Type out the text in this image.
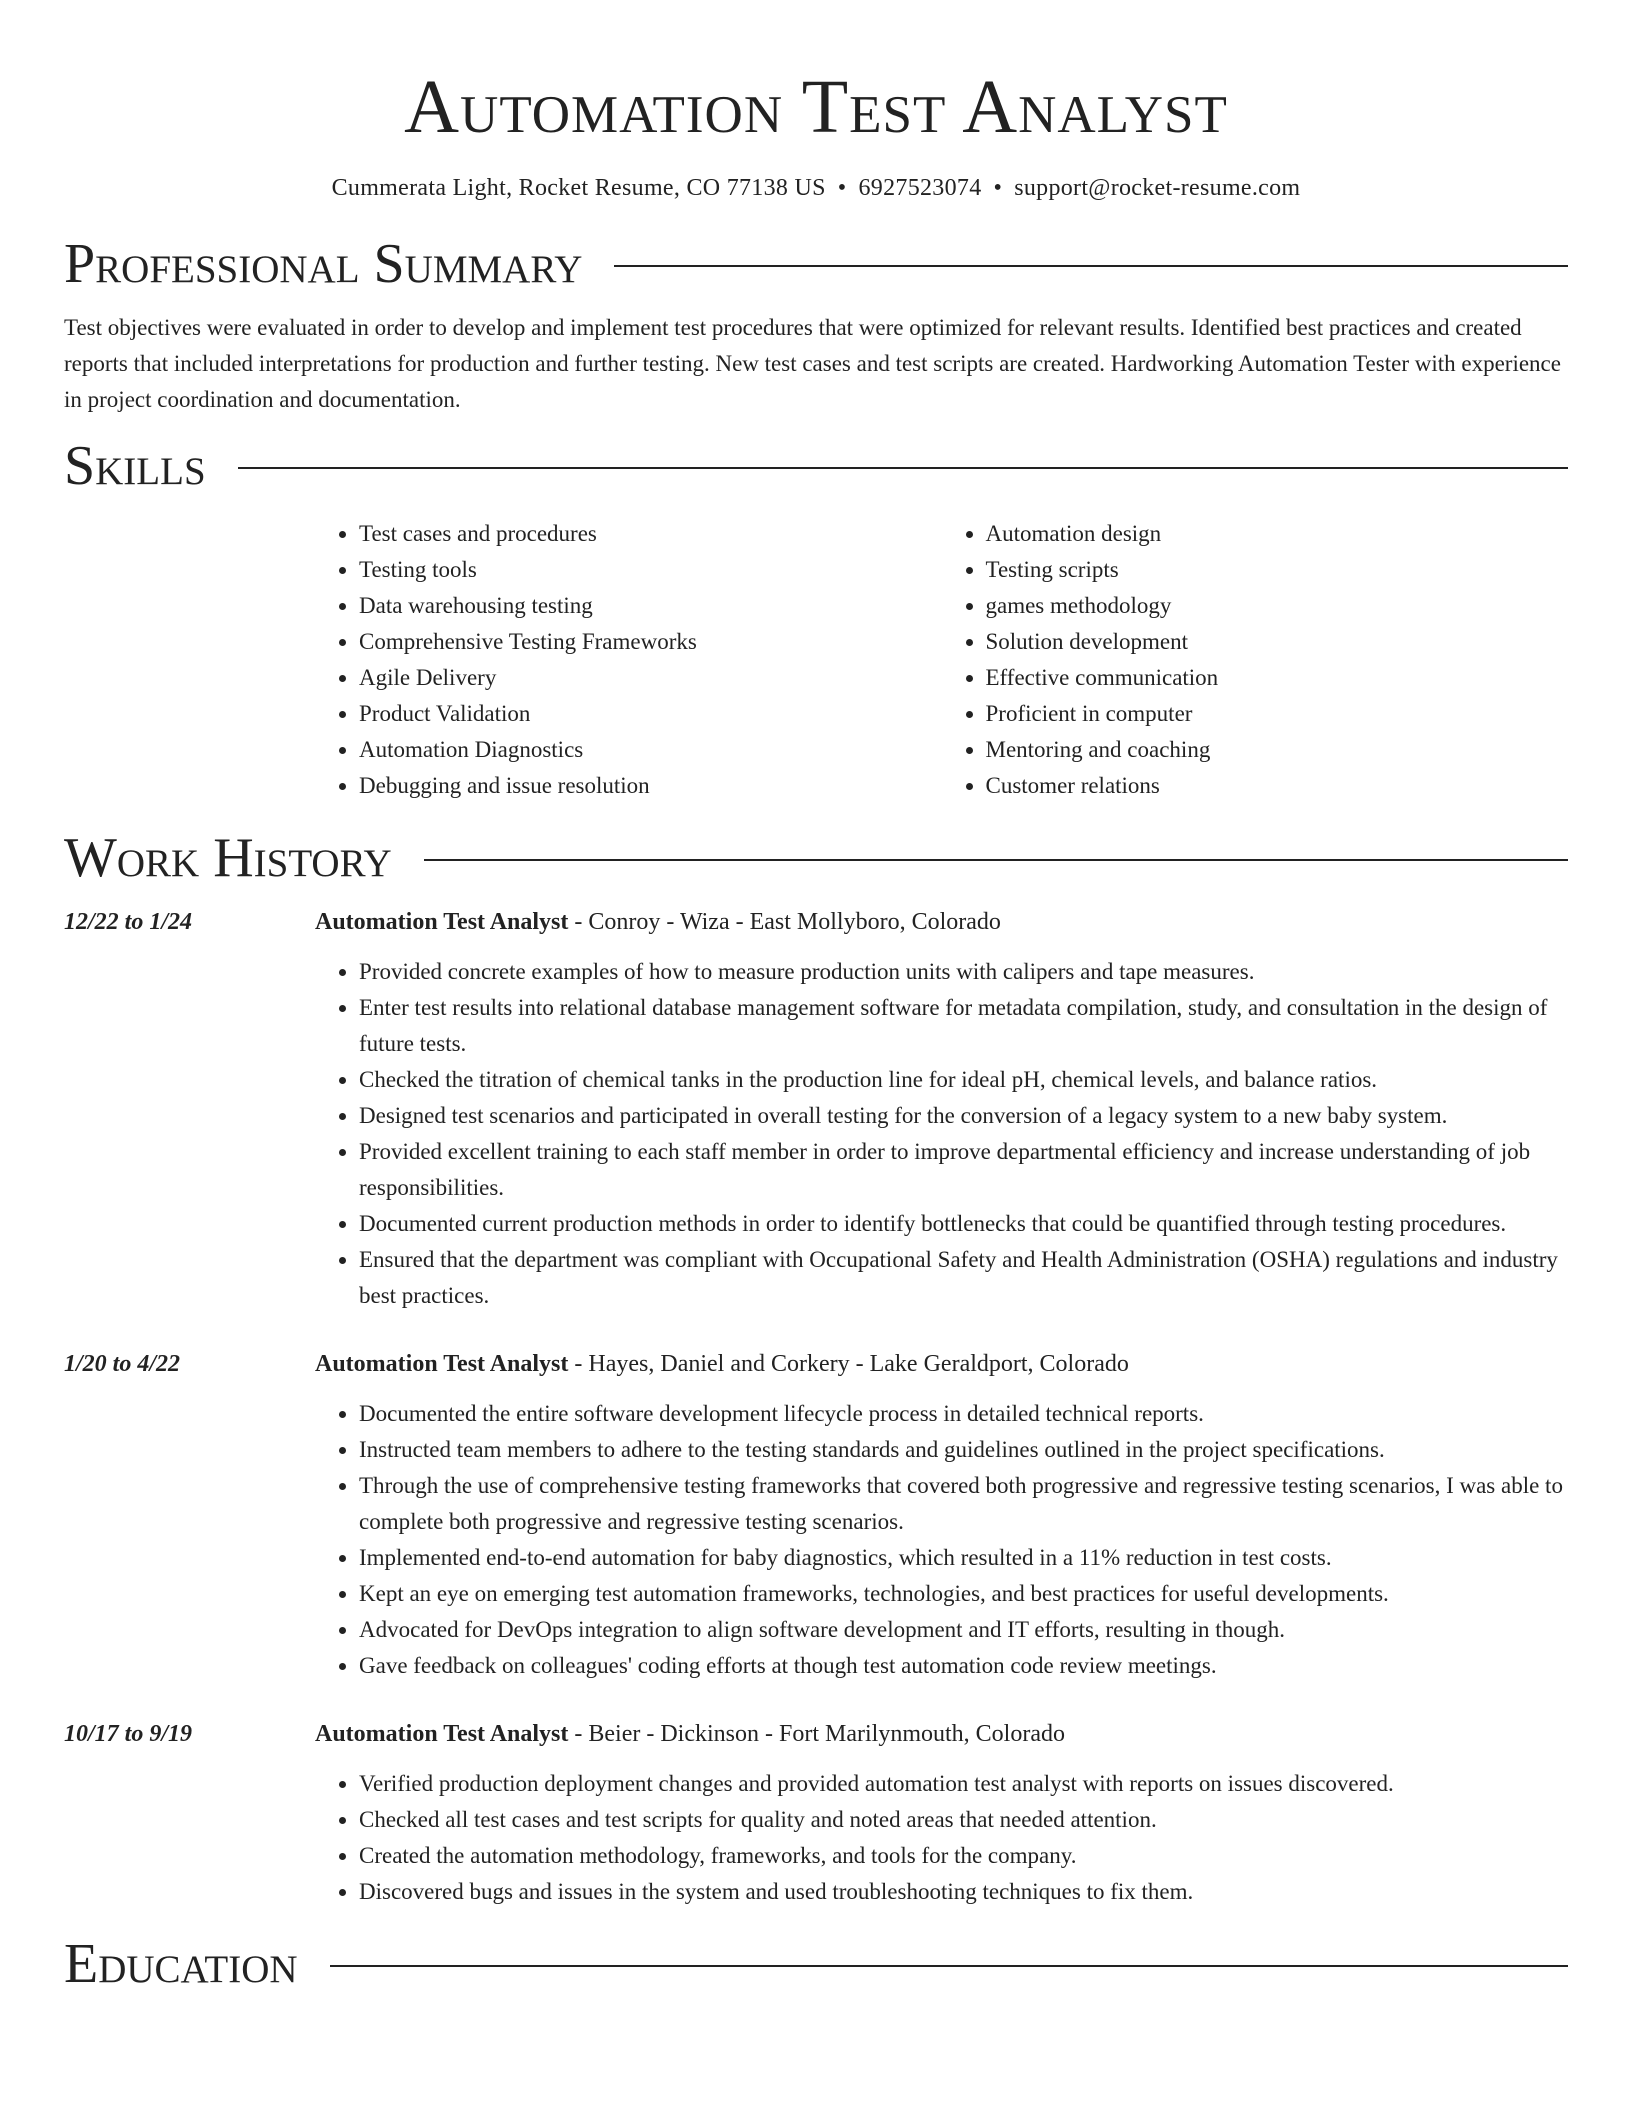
Automation Test Analyst
Cummerata Light, Rocket Resume, CO 77138 US • 6927523074 • support@rocket-resume.com
Professional Summary

Test objectives were evaluated in order to develop and implement test procedures that were optimized for relevant results. Identified best practices and created reports that included interpretations for production and further testing. New test cases and test scripts are created. Hardworking Automation Tester with experience in project coordination and documentation.

Skills
• Test cases and procedures
• Testing tools
• Data warehousing testing
• Comprehensive Testing Frameworks
• Agile Delivery
• Product Validation
• Automation Diagnostics
• Debugging and issue resolution
• Automation design
• Testing scripts
• games methodology
• Solution development
• Effective communication
• Proficient in computer
• Mentoring and coaching
• Customer relations
Work History
12/22 to 1/24	Automation Test Analyst - Conroy - Wiza - East Mollyboro, Colorado
• Provided concrete examples of how to measure production units with calipers and tape measures.
• Enter test results into relational database management software for metadata compilation, study, and consultation in the design of future tests.
• Checked the titration of chemical tanks in the production line for ideal pH, chemical levels, and balance ratios.
• Designed test scenarios and participated in overall testing for the conversion of a legacy system to a new baby system.
• Provided excellent training to each staff member in order to improve departmental efficiency and increase understanding of job responsibilities.
• Documented current production methods in order to identify bottlenecks that could be quantified through testing procedures.
• Ensured that the department was compliant with Occupational Safety and Health Administration (OSHA) regulations and industry best practices.
1/20 to 4/22	Automation Test Analyst - Hayes, Daniel and Corkery - Lake Geraldport, Colorado
• Documented the entire software development lifecycle process in detailed technical reports.
• Instructed team members to adhere to the testing standards and guidelines outlined in the project specifications.
• Through the use of comprehensive testing frameworks that covered both progressive and regressive testing scenarios, I was able to complete both progressive and regressive testing scenarios.
• Implemented end-to-end automation for baby diagnostics, which resulted in a 11% reduction in test costs.
• Kept an eye on emerging test automation frameworks, technologies, and best practices for useful developments.
• Advocated for DevOps integration to align software development and IT efforts, resulting in though.
• Gave feedback on colleagues' coding efforts at though test automation code review meetings.
10/17 to 9/19	Automation Test Analyst - Beier - Dickinson - Fort Marilynmouth, Colorado
• Verified production deployment changes and provided automation test analyst with reports on issues discovered.
• Checked all test cases and test scripts for quality and noted areas that needed attention.
• Created the automation methodology, frameworks, and tools for the company.
• Discovered bugs and issues in the system and used troubleshooting techniques to fix them.
Education
